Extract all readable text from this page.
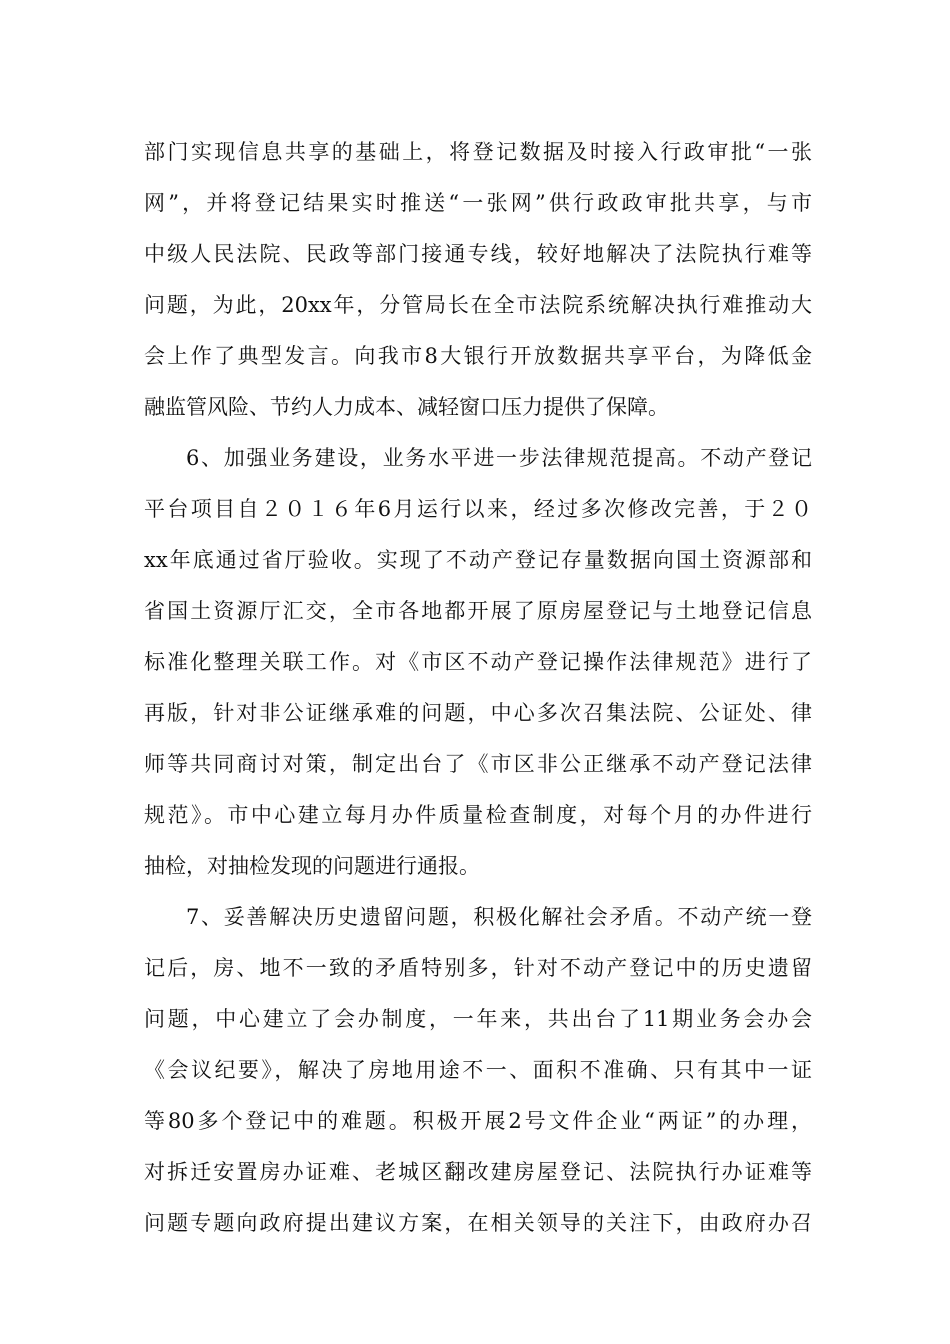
部门实现信息共享的基础上，将登记数据及时接入行政审批“一张
网”，并将登记结果实时推送“一张网”供行政政审批共享，与市
中级人民法院、民政等部门接通专线，较好地解决了法院执行难等
问题，为此，20xx年，分管局长在全市法院系统解决执行难推动大
会上作了典型发言。向我市8大银行开放数据共享平台，为降低金
融监管风险、节约人力成本、减轻窗口压力提供了保障。
6、加强业务建设，业务水平进一步法律规范提高。不动产登记
平台项目自２０１６年6月运行以来，经过多次修改完善，于２０
xx年底通过省厅验收。实现了不动产登记存量数据向国土资源部和
省国土资源厅汇交，全市各地都开展了原房屋登记与土地登记信息
标准化整理关联工作。对《市区不动产登记操作法律规范》进行了
再版，针对非公证继承难的问题，中心多次召集法院、公证处、律
师等共同商讨对策，制定出台了《市区非公正继承不动产登记法律
规范》。市中心建立每月办件质量检查制度，对每个月的办件进行
抽检，对抽检发现的问题进行通报。
7、妥善解决历史遗留问题，积极化解社会矛盾。不动产统一登
记后，房、地不一致的矛盾特别多，针对不动产登记中的历史遗留
问题，中心建立了会办制度，一年来，共出台了11期业务会办会
《会议纪要》，解决了房地用途不一、面积不准确、只有其中一证
等80多个登记中的难题。积极开展2号文件企业“两证”的办理，
对拆迁安置房办证难、老城区翻改建房屋登记、法院执行办证难等
问题专题向政府提出建议方案，在相关领导的关注下，由政府办召
